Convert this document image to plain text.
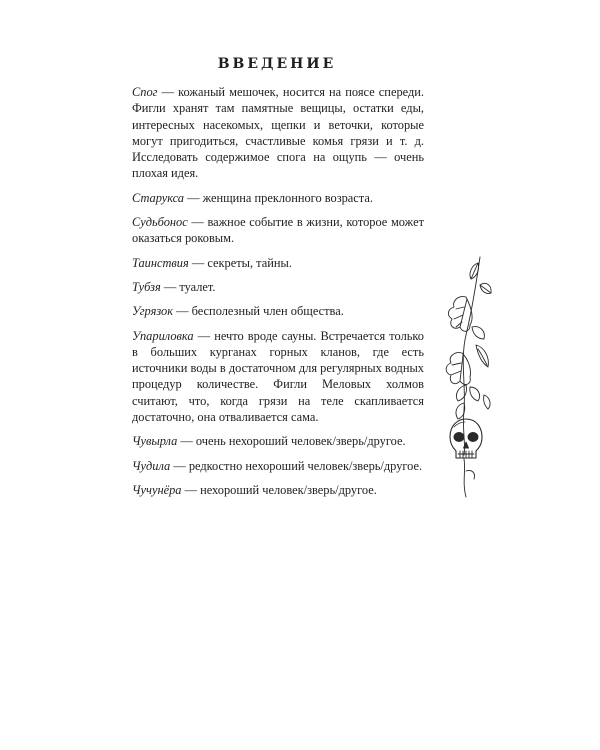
ВВЕДЕНИЕ

Спог — кожаный мешочек, носится на поясе спереди. Фигли хранят там памятные вещицы, остатки еды, интересных насекомых, щепки и веточки, которые могут пригодиться, счастливые комья грязи и т. д. Исследовать содержимое спога на ощупь — очень плохая идея.

Старукса — женщина преклонного возраста.

Судьбонос — важное событие в жизни, которое может оказаться роковым.

Таинствия — секреты, тайны.

Тубзя — туалет.

Угрязок — бесполезный член общества.

Упариловка — нечто вроде сауны. Встречается только в больших курганах горных кланов, где есть источники воды в достаточном для регулярных водных процедур количестве. Фигли Меловых холмов считают, что, когда грязи на теле скапливается достаточно, она отваливается сама.

Чувырла — очень нехороший человек/зверь/другое.

Чудила — редкостно нехороший человек/зверь/другое.

Чучунёра — нехороший человек/зверь/другое.
